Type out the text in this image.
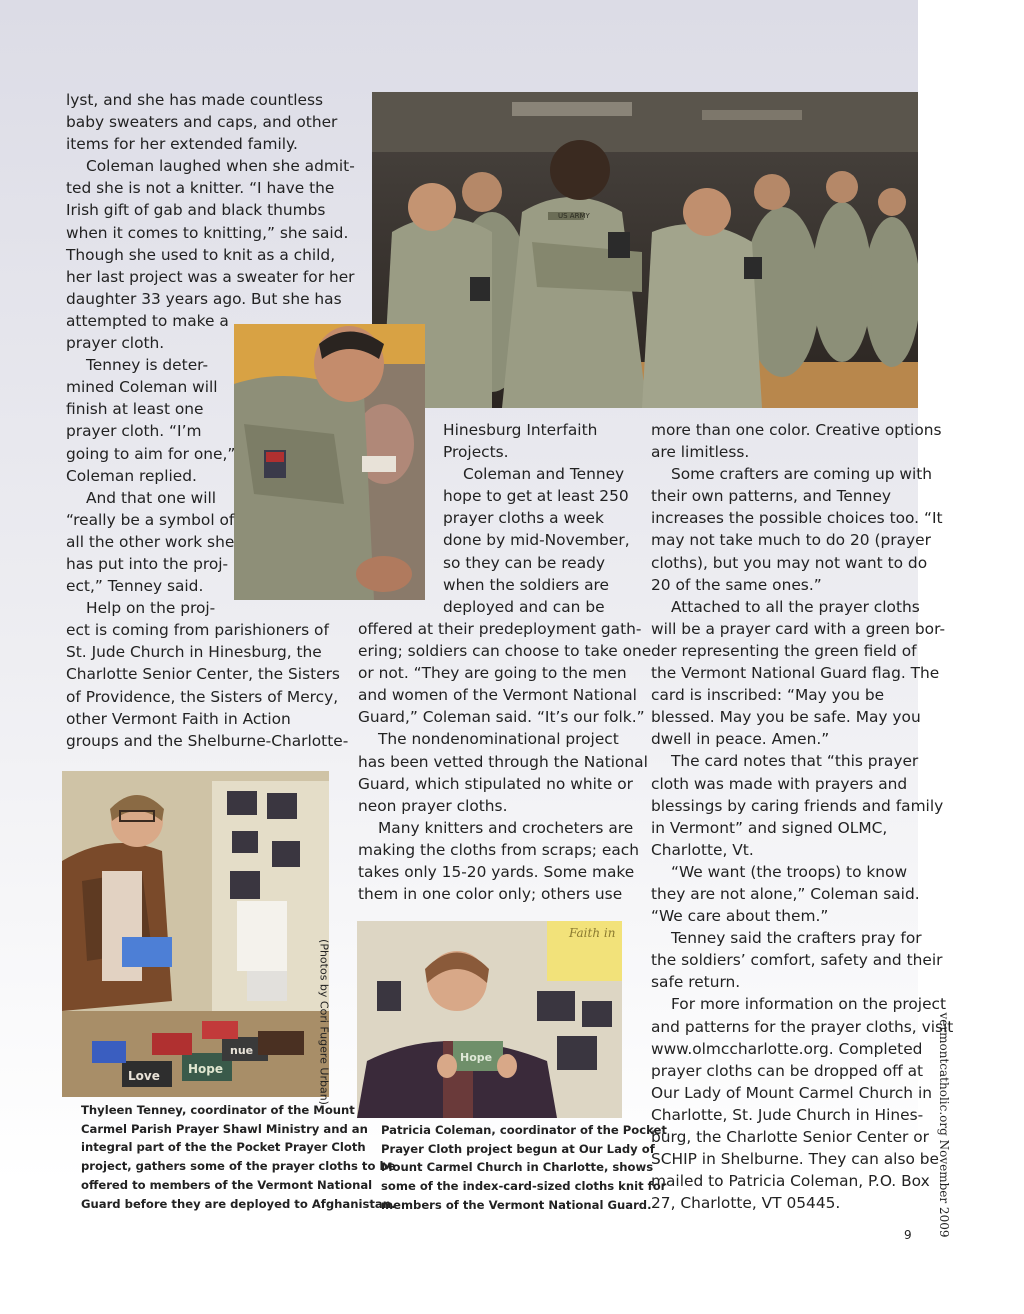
US ARMY
Love Hope
nue
Hope
Faith in

lyst, and she has made countless

baby sweaters and caps, and other

items for her extended family.

Coleman laughed when she admit-

ted she is not a knitter. “I have the

Irish gift of gab and black thumbs

when it comes to knitting,” she said.

Though she used to knit as a child,

her last project was a sweater for her

daughter 33 years ago. But she has

attempted to make a

prayer cloth.

Tenney is deter-

mined Coleman will

finish at least one

prayer cloth. “I’m

going to aim for one,”

Coleman replied.

And that one will

“really be a symbol of

all the other work she

has put into the proj-

ect,” Tenney said.

Help on the proj-

ect is coming from parishioners of

St. Jude Church in Hinesburg, the

Charlotte Senior Center, the Sisters

of Providence, the Sisters of Mercy,

other Vermont Faith in Action

groups and the Shelburne-Charlotte-

Hinesburg Interfaith

Projects.

Coleman and Tenney

hope to get at least 250

prayer cloths a week

done by mid-November,

so they can be ready

when the soldiers are

deployed and can be

offered at their predeployment gath-

ering; soldiers can choose to take one

or not. “They are going to the men

and women of the Vermont National

Guard,” Coleman said. “It’s our folk.”

The nondenominational project

has been vetted through the National

Guard, which stipulated no white or

neon prayer cloths.

Many knitters and crocheters are

making the cloths from scraps; each

takes only 15-20 yards. Some make

them in one color only; others use

more than one color. Creative options

are limitless.

Some crafters are coming up with

their own patterns, and Tenney

increases the possible choices too. “It

may not take much to do 20 (prayer

cloths), but you may not want to do

20 of the same ones.”

Attached to all the prayer cloths

will be a prayer card with a green bor-

der representing the green field of

the Vermont National Guard flag. The

card is inscribed: “May you be

blessed. May you be safe. May you

dwell in peace. Amen.”

The card notes that “this prayer

cloth was made with prayers and

blessings by caring friends and family

in Vermont” and signed OLMC,

Charlotte, Vt.

“We want (the troops) to know

they are not alone,” Coleman said.

“We care about them.”

Tenney said the crafters pray for

the soldiers’ comfort, safety and their

safe return.

For more information on the project

and patterns for the prayer cloths, visit

www.olmccharlotte.org. Completed

prayer cloths can be dropped off at

Our Lady of Mount Carmel Church in

Charlotte, St. Jude Church in Hines-

burg, the Charlotte Senior Center or

SCHIP in Shelburne. They can also be

mailed to Patricia Coleman, P.O. Box

27, Charlotte, VT 05445.

Thyleen Tenney, coordinator of the Mount
Carmel Parish Prayer Shawl Ministry and an
integral part of the the Pocket Prayer Cloth
project, gathers some of the prayer cloths to be
offered to members of the Vermont National
Guard before they are deployed to Afghanistan.
Patricia Coleman, coordinator of the Pocket
Prayer Cloth project begun at Our Lady of
Mount Carmel Church in Charlotte, shows
some of the index-card-sized cloths knit for
members of the Vermont National Guard.
(Photos by Cori Fugere Urban)	vermontcatholic.org November 2009
9
